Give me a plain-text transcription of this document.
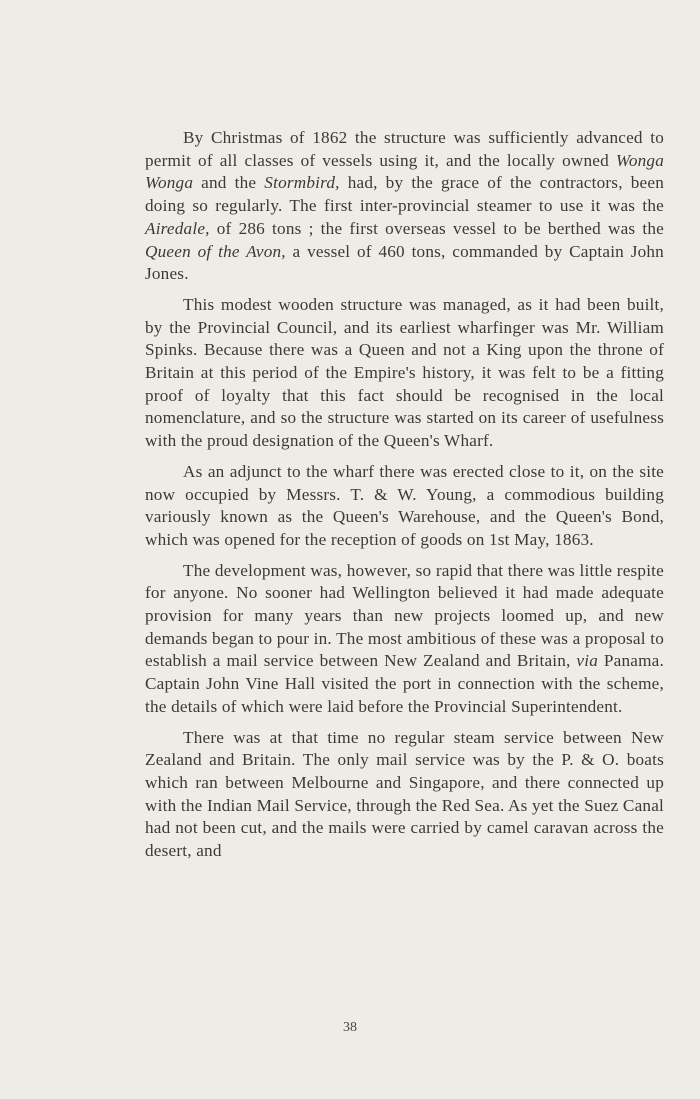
By Christmas of 1862 the structure was sufficiently advanced to permit of all classes of vessels using it, and the locally owned Wonga Wonga and the Stormbird, had, by the grace of the contractors, been doing so regularly. The first inter-provincial steamer to use it was the Airedale, of 286 tons ; the first overseas vessel to be berthed was the Queen of the Avon, a vessel of 460 tons, commanded by Captain John Jones.

This modest wooden structure was managed, as it had been built, by the Provincial Council, and its earliest wharfinger was Mr. William Spinks. Because there was a Queen and not a King upon the throne of Britain at this period of the Empire's history, it was felt to be a fitting proof of loyalty that this fact should be recognised in the local nomenclature, and so the structure was started on its career of usefulness with the proud designation of the Queen's Wharf.

As an adjunct to the wharf there was erected close to it, on the site now occupied by Messrs. T. & W. Young, a commodious building variously known as the Queen's Warehouse, and the Queen's Bond, which was opened for the reception of goods on 1st May, 1863.

The development was, however, so rapid that there was little respite for anyone. No sooner had Wellington believed it had made adequate provision for many years than new projects loomed up, and new demands began to pour in. The most ambitious of these was a proposal to establish a mail service between New Zealand and Britain, via Panama. Captain John Vine Hall visited the port in connection with the scheme, the details of which were laid before the Provincial Superintendent.

There was at that time no regular steam service between New Zealand and Britain. The only mail service was by the P. & O. boats which ran between Melbourne and Singapore, and there connected up with the Indian Mail Service, through the Red Sea. As yet the Suez Canal had not been cut, and the mails were carried by camel caravan across the desert, and

38
